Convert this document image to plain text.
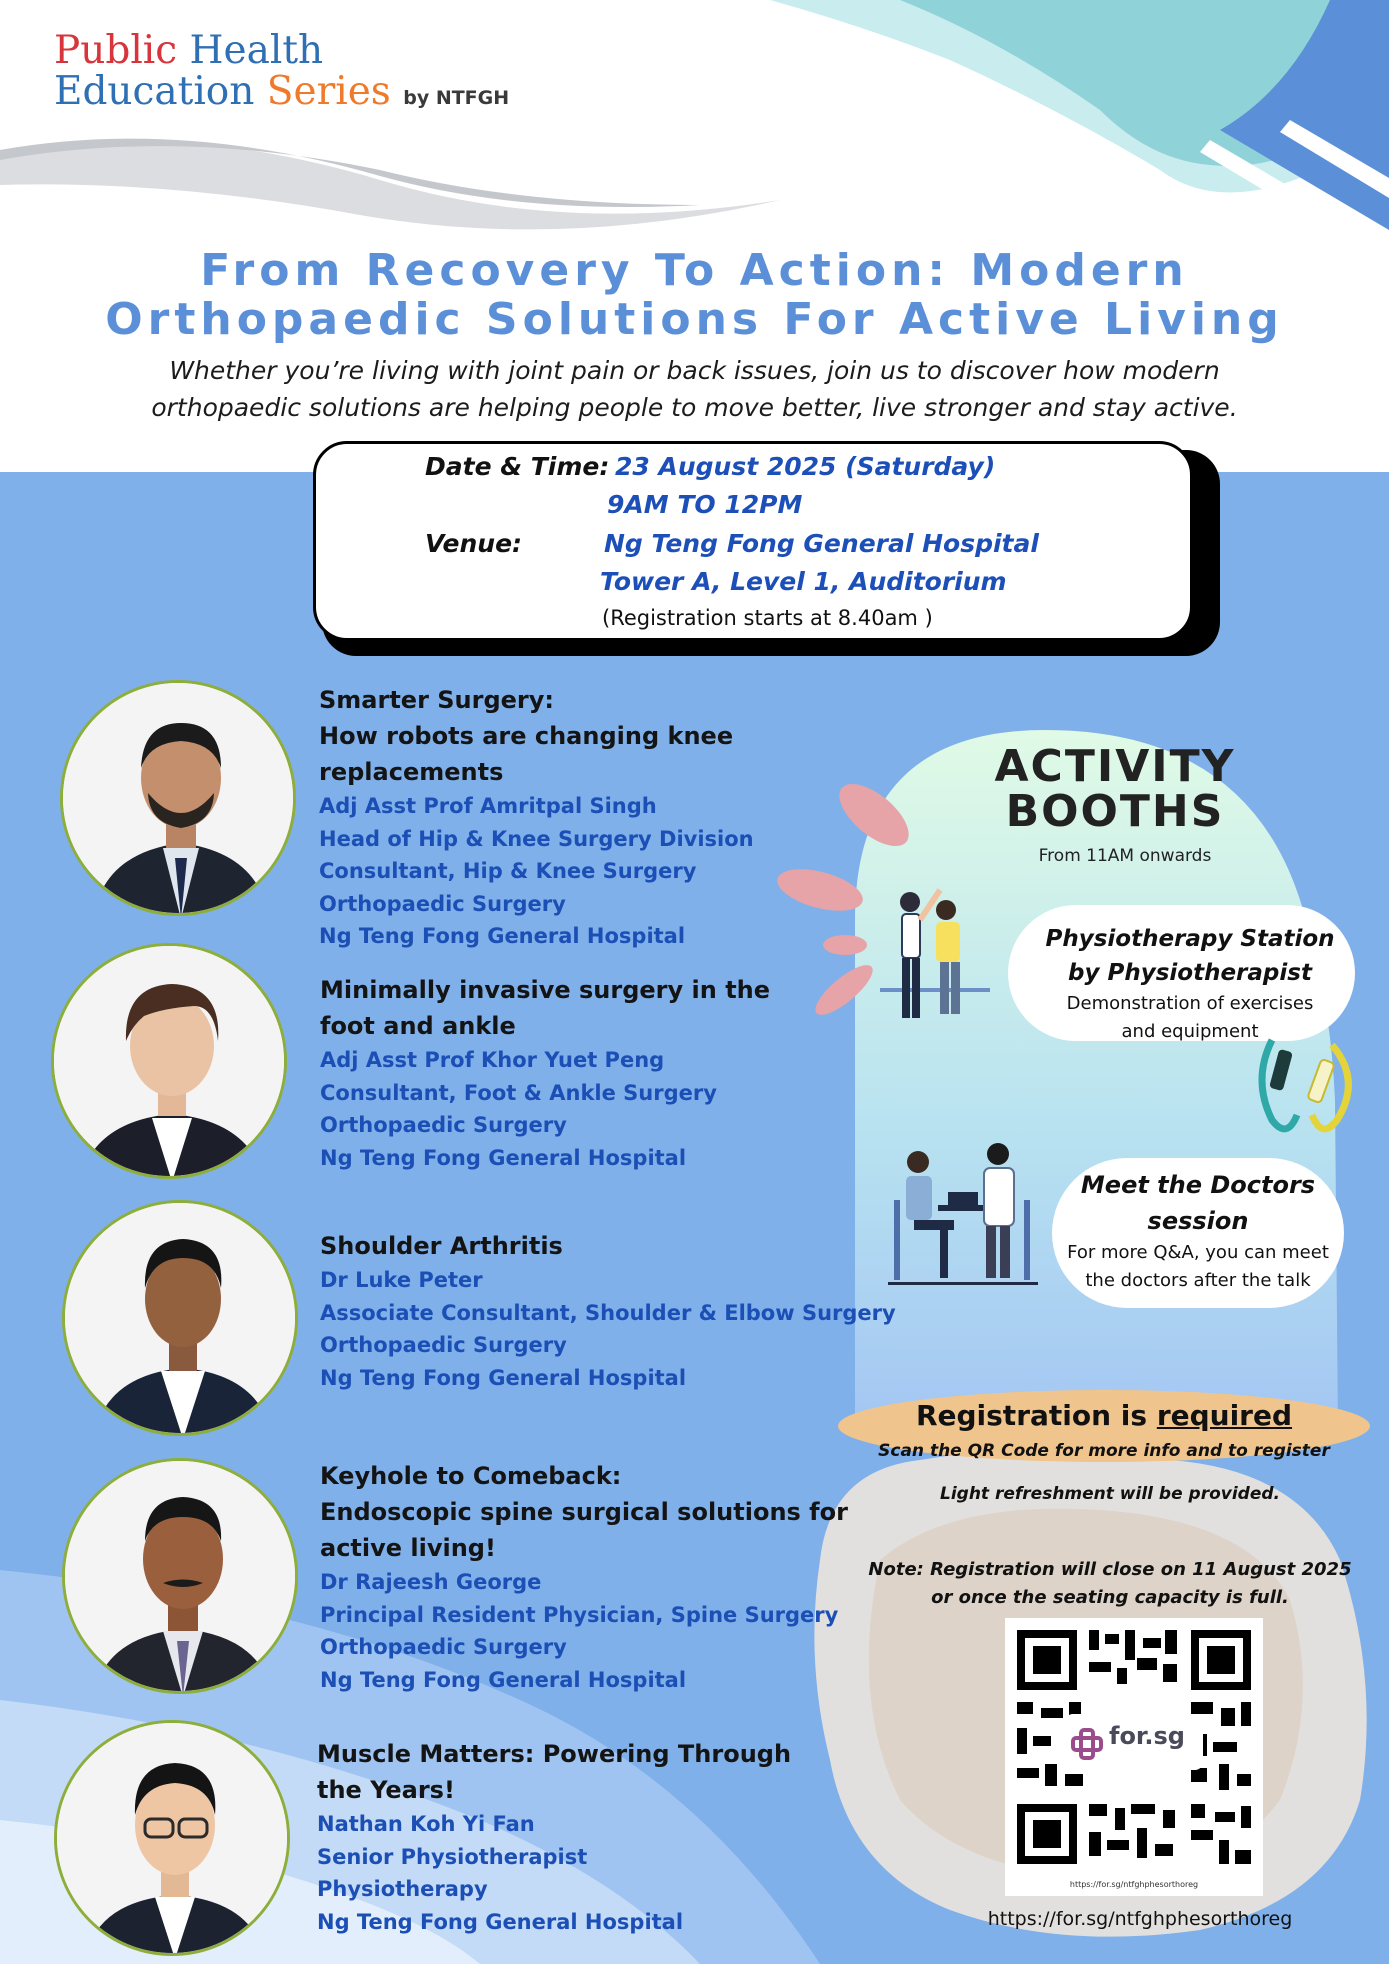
Public Health
Education Series by NTFGH
From Recovery To Action: Modern
Orthopaedic Solutions For Active Living
Whether you’re living with joint pain or back issues, join us to discover how modern
orthopaedic solutions are helping people to move better, live stronger and stay active.
Date & Time: 23 August 2025 (Saturday)
9AM TO 12PM
Venue:	Ng Teng Fong General Hospital
Tower A, Level 1, Auditorium
(Registration starts at 8.40am )
Smarter Surgery:
How robots are changing knee
replacements
Adj Asst Prof Amritpal Singh
Head of Hip & Knee Surgery Division
Consultant, Hip & Knee Surgery
Orthopaedic Surgery
Ng Teng Fong General Hospital
Minimally invasive surgery in the
foot and ankle
Adj Asst Prof Khor Yuet Peng
Consultant, Foot & Ankle Surgery
Orthopaedic Surgery
Ng Teng Fong General Hospital
Shoulder Arthritis
Dr Luke Peter
Associate Consultant, Shoulder & Elbow Surgery
Orthopaedic Surgery
Ng Teng Fong General Hospital
Keyhole to Comeback:
Endoscopic spine surgical solutions for
active living!
Dr Rajeesh George
Principal Resident Physician, Spine Surgery
Orthopaedic Surgery
Ng Teng Fong General Hospital
Muscle Matters: Powering Through
the Years!
Nathan Koh Yi Fan
Senior Physiotherapist
Physiotherapy
Ng Teng Fong General Hospital
ACTIVITY
BOOTHS
From 11AM onwards
Physiotherapy Station
by Physiotherapist
Demonstration of exercises
and equipment
Meet the Doctors
session
For more Q&A, you can meet
the doctors after the talk
Registration is required
Scan the QR Code for more info and to register
Light refreshment will be provided.
Note: Registration will close on 11 August 2025
or once the seating capacity is full.
for.sg
https://for.sg/ntfghphesorthoreg
https://for.sg/ntfghphesorthoreg
